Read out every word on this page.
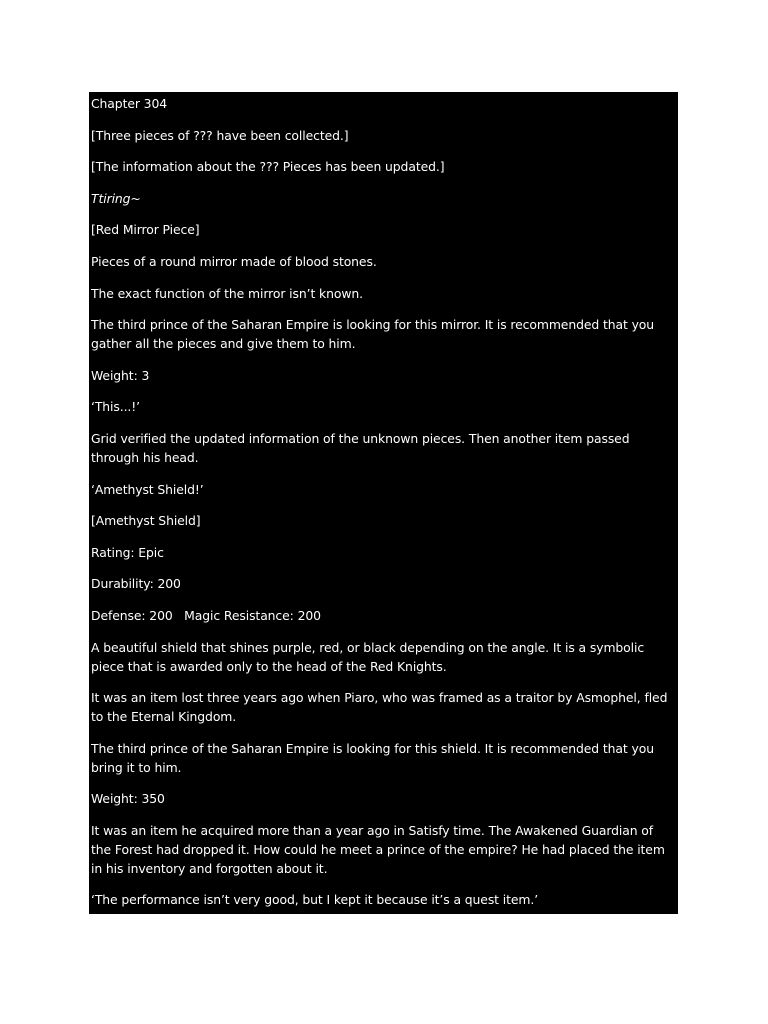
Chapter 304

[Three pieces of ??? have been collected.]

[The information about the ??? Pieces has been updated.]

Ttiring~

[Red Mirror Piece]

Pieces of a round mirror made of blood stones.

The exact function of the mirror isn’t known.

The third prince of the Saharan Empire is looking for this mirror. It is recommended that you gather all the pieces and give them to him.

Weight: 3

‘This...!’

Grid verified the updated information of the unknown pieces. Then another item passed through his head.

‘Amethyst Shield!’

[Amethyst Shield]

Rating: Epic

Durability: 200

Defense: 200   Magic Resistance: 200

A beautiful shield that shines purple, red, or black depending on the angle. It is a symbolic piece that is awarded only to the head of the Red Knights.

It was an item lost three years ago when Piaro, who was framed as a traitor by Asmophel, fled to the Eternal Kingdom.

The third prince of the Saharan Empire is looking for this shield. It is recommended that you bring it to him.

Weight: 350

It was an item he acquired more than a year ago in Satisfy time. The Awakened Guardian of the Forest had dropped it. How could he meet a prince of the empire? He had placed the item in his inventory and forgotten about it.

‘The performance isn’t very good, but I kept it because it’s a quest item.’
